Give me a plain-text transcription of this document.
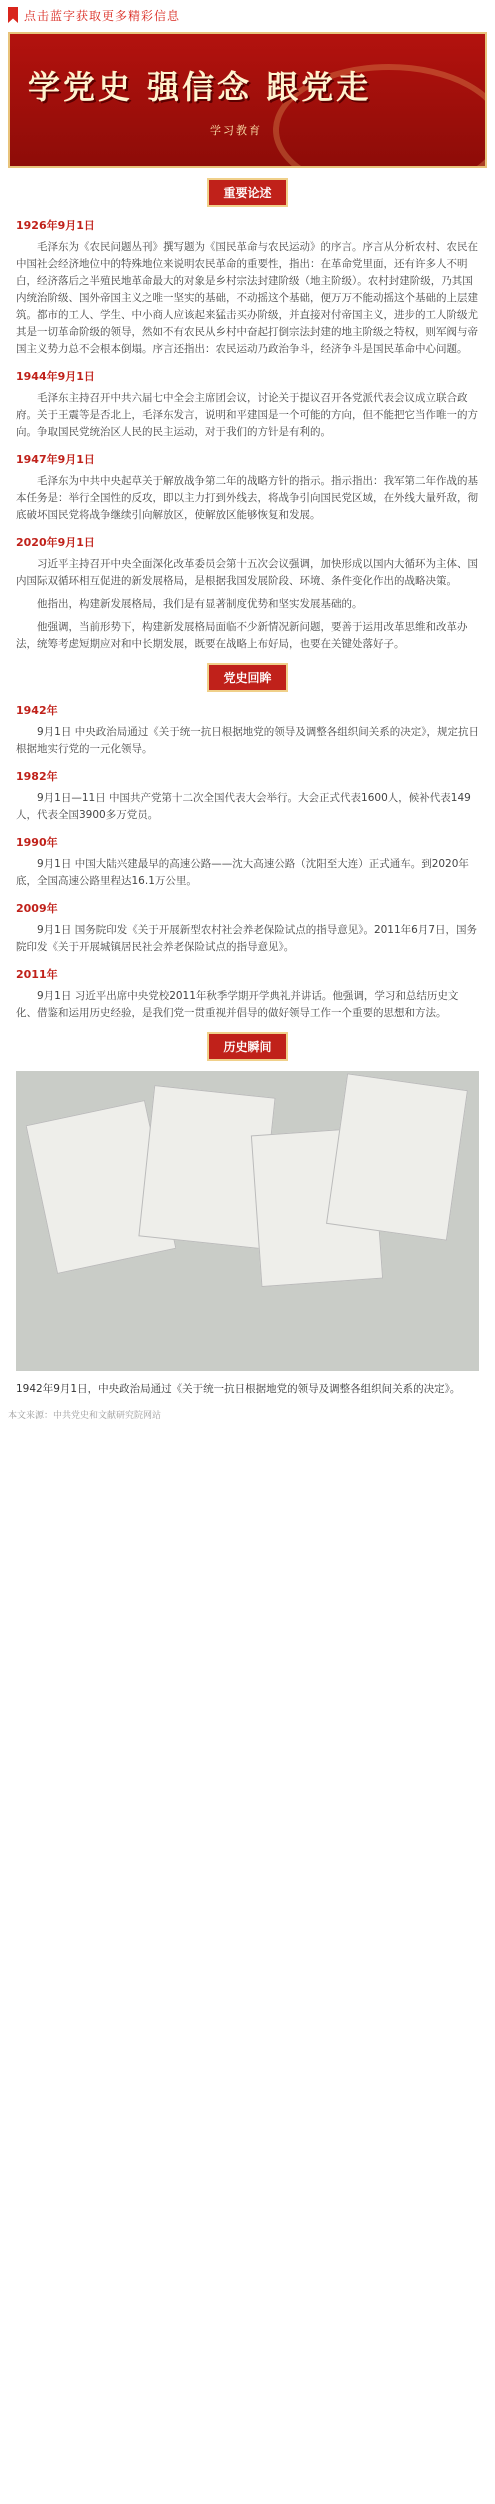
点击蓝字获取更多精彩信息
学党史 强信念 跟党走
学习教育
重要论述
1926年9月1日
毛泽东为《农民问题丛刊》撰写题为《国民革命与农民运动》的序言。序言从分析农村、农民在中国社会经济地位中的特殊地位来说明农民革命的重要性，指出：在革命党里面，还有许多人不明白，经济落后之半殖民地革命最大的对象是乡村宗法封建阶级（地主阶级）。农村封建阶级，乃其国内统治阶级、国外帝国主义之唯一坚实的基础，不动摇这个基础，便万万不能动摇这个基础的上层建筑。都市的工人、学生、中小商人应该起来猛击买办阶级，并直接对付帝国主义，进步的工人阶级尤其是一切革命阶级的领导，然如不有农民从乡村中奋起打倒宗法封建的地主阶级之特权，则军阀与帝国主义势力总不会根本倒塌。序言还指出：农民运动乃政治争斗，经济争斗是国民革命中心问题。
1944年9月1日
毛泽东主持召开中共六届七中全会主席团会议，讨论关于提议召开各党派代表会议成立联合政府。关于王震等是否北上，毛泽东发言，说明和平建国是一个可能的方向，但不能把它当作唯一的方向。争取国民党统治区人民的民主运动，对于我们的方针是有利的。
1947年9月1日
毛泽东为中共中央起草关于解放战争第二年的战略方针的指示。指示指出：我军第二年作战的基本任务是：举行全国性的反攻，即以主力打到外线去，将战争引向国民党区域，在外线大量歼敌，彻底破坏国民党将战争继续引向解放区，使解放区能够恢复和发展。
2020年9月1日
习近平主持召开中央全面深化改革委员会第十五次会议强调，加快形成以国内大循环为主体、国内国际双循环相互促进的新发展格局，是根据我国发展阶段、环境、条件变化作出的战略决策。
他指出，构建新发展格局，我们是有显著制度优势和坚实发展基础的。
他强调，当前形势下，构建新发展格局面临不少新情况新问题，要善于运用改革思维和改革办法，统筹考虑短期应对和中长期发展，既要在战略上布好局，也要在关键处落好子。
党史回眸
1942年
9月1日 中央政治局通过《关于统一抗日根据地党的领导及调整各组织间关系的决定》，规定抗日根据地实行党的一元化领导。
1982年
9月1日—11日 中国共产党第十二次全国代表大会举行。大会正式代表1600人，候补代表149人，代表全国3900多万党员。
1990年
9月1日 中国大陆兴建最早的高速公路——沈大高速公路（沈阳至大连）正式通车。到2020年底，全国高速公路里程达16.1万公里。
2009年
9月1日 国务院印发《关于开展新型农村社会养老保险试点的指导意见》。2011年6月7日，国务院印发《关于开展城镇居民社会养老保险试点的指导意见》。
2011年
9月1日 习近平出席中央党校2011年秋季学期开学典礼并讲话。他强调，学习和总结历史文化、借鉴和运用历史经验，是我们党一贯重视并倡导的做好领导工作一个重要的思想和方法。
历史瞬间
1942年9月1日，中央政治局通过《关于统一抗日根据地党的领导及调整各组织间关系的决定》。
本文来源：中共党史和文献研究院网站
